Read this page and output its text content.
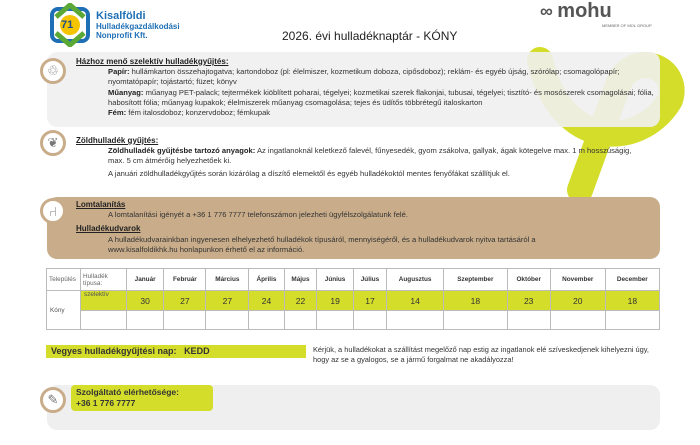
71
Kisalföldi
Hulladékgazdálkodási
Nonprofit Kft.	2026. évi hulladéknaptár - KÓNY
∞ mohu
MEMBER OF MOL GROUP
♲
Házhoz menő szelektív hulladékgyűjtés:
Papír: hullámkarton összehajtogatva; kartondoboz (pl: élelmiszer, kozmetikum doboza, cipősdoboz); reklám- és egyéb újság, szórólap; csomagolópapír; nyomtatópapír; tojástartó; füzet; könyv
Műanyag: műanyag PET-palack; tejtermékek kiöblített poharai, tégelyei; kozmetikai szerek flakonjai, tubusai, tégelyei; tisztító- és mosószerek csomagolásai; fólia, habosított fólia; műanyag kupakok; élelmiszerek műanyag csomagolása; tejes és üdítős többrétegű italoskarton
Fém: fém italosdoboz; konzervdoboz; fémkupak
❦	Zöldhulladék gyűjtés:
Zöldhulladék gyűjtésbe tartozó anyagok: Az ingatlanoknál keletkező falevél, fűnyesedék, gyom zsákolva, gallyak, ágak kötegelve max. 1 m hosszúságig, max. 5 cm átmérőig helyezhetőek ki.
A januári zöldhulladékgyűjtés során kizárólag a díszítő elemektől és egyéb hulladékoktól mentes fenyőfákat szállítjuk el.
⑁	Lomtalanítás
A lomtalanítási igényét a +36 1 776 7777 telefonszámon jelezheti ügyfélszolgálatunk felé.
Hulladékudvarok
A hulladékudvarainkban ingyenesen elhelyezhető hulladékok típusáról, mennyiségéről, és a hulladékudvarok nyitva tartásáról a www.kisalfoldikhk.hu honlapunkon érhető el az információ.
Település	Hulladék típusa:	Január	Február	Március	Április	Május	Június	Július	Augusztus	Szeptember	Október	November	December
Kóny	szelektív	30	27	27	24	22	19	17	14	18	23	20	18

Vegyes hulladékgyűjtési nap: KEDD	Kérjük, a hulladékokat a szállítást megelőző nap estig az ingatlanok elé szíveskedjenek kihelyezni úgy, hogy az se a gyalogos, se a jármű forgalmat ne akadályozza!
✎	Szolgáltató elérhetősége:
+36 1 776 7777
